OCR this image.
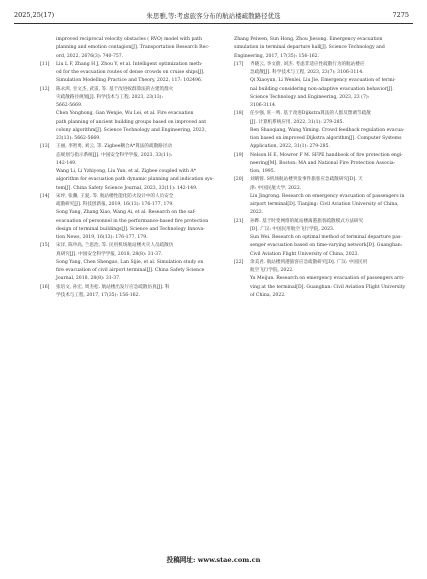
2025,25(17)	朱思雅,等:考虑旅客分布的航站楼疏散路径优选	7275
improved reciprocal velocity obstacles ( RVO) model with path
planning and emotion contagion[J]. Transportation Research Rec-
ord, 2022, 2676(3): 740-757.
[11] Liu L F, Zhang H J, Zhou Y, et al. Intelligent optimization meth-
od for the evacuation routes of dense crowds on cruise ships[J].
Simulation Modelling Practice and Theory, 2022, 117: 102496.
[12] 陈永鸿, 甘文杰, 武雷, 等. 基于改进蚁群算法的古建筑群火
灾疏散路径规划[J]. 科学技术与工程, 2023, 23(13):
5662-5669.
Chen Yonghong, Gan Wenjie, Wu Lei, et al. Fire evacuation
path planning of ancient building groups based on improved ant
colony algorithm[J]. Science Technology and Engineering, 2023,
23(13): 5662-5669.
[13] 王丽, 李智勇, 刘云, 等. Zigbee耦合A*算法的疏散路径动
态规划与指示系统[J]. 中国安全科学学报, 2023, 33(11):
142-149.
Wang Li, Li Yzhiyong, Liu Yun, et al. Zigbee coupled with A*
algorithm for evacuation path dynamic planning and indication sys-
tem[J]. China Safety Science Journal, 2023, 33(11): 142-149.
[14] 宋坪, 张骤, 王爱, 等. 航站楼性能化防火设计中的人员安全
疏散研究[J]. 科技创新报, 2019, 16(13): 176-177, 179.
Song Yang, Zhang Xiao, Wang Ai, et al. Research on the saf-
evacuation of personnel in the performance-based fire protection
design of terminal buildings[J]. Science and Technology Innova-
tion News, 2019, 16(13): 176-177, 179.
[15] 宋洋, 陈申高, 兰思治, 等. 民用机场航站楼火灾人员疏散仿
真研究[J]. 中国安全科学学报, 2018, 28(8): 31-37.
Song Yang, Chen Shengao, Lan Sijie, et al. Simulation study on
fire evacuation of civil airport terminal[J]. China Safety Science
Journal, 2018, 28(8): 31-37.
[16] 张培文, 孙宏, 周杰松. 航站楼出发厅应急疏散仿真[J]. 科
学技术与工程, 2017, 17(35): 156-162.
Zhang Peiwen, Sun Hong, Zhou Jiesong. Emergency evacuation
simulation in terminal departure hall[J]. Science Technology and
Engineering, 2017, 17(35): 156-162.
[17] 齐晓云, 李文蔚, 刘杰. 考虑非适应性疏散行为的航站楼应
急疏散[J]. 科学技术与工程, 2023, 23(7): 3106-3114.
Qi Xiaoyun, Li Wenlei, Liu Jie. Emergency evacuation of termi-
nal building considering non-adaptive evacuation behavior[J].
Science Technology and Engineering, 2023, 23 (7):
3106-3114.
[18] 任少强, 旺一鸣. 基于改进Dijkstra算法的人群反馈调节疏散
[J]. 计算机系统应用, 2022, 31(1): 279-285.
Ren Shaoqiang, Wang Yiming. Crowd feedback regulation evacua-
tion based on improved Dijkstra algorithm[J]. Computer Systems
Application, 2022, 31(1): 279-285.
[19] Nelson H E, Mowrer F M. SFPE handbook of fire protection engi-
neering[M]. Boston: MA and National Fire Protection Associa-
tion, 1995.
[20] 刘晴蓉. S机场航站楼突发事件旅客应急疏散研究[D]. 天
津: 中国民航大学, 2022.
Liu Jingrong. Research on emergency evacuation of passengers in
airport terminal[D]. Tianjing: Civil Aviation University of China,
2022.
[21] 孙晔. 基于时变网络的航站楼离港旅客疏散模式方法研究
[D]. 广汉: 中国民用航空飞行学院, 2023.
Sun Wei. Research on optimal method of terminal departure pas-
senger evacuation based on time-varying network[D]. Guanghan:
Civil Aviation Flight University of China, 2023.
[22] 余美君. 航站楼到港旅客应急疏散研究[D]. 广汉: 中国民用
航空飞行学院, 2022.
Yu Meijun. Research on emergency evacuation of passengers arri-
ving at the terminal[D]. Guanghan: Civil Aviation Flight University
of China, 2022.
投稿网址: www.stae.com.cn
